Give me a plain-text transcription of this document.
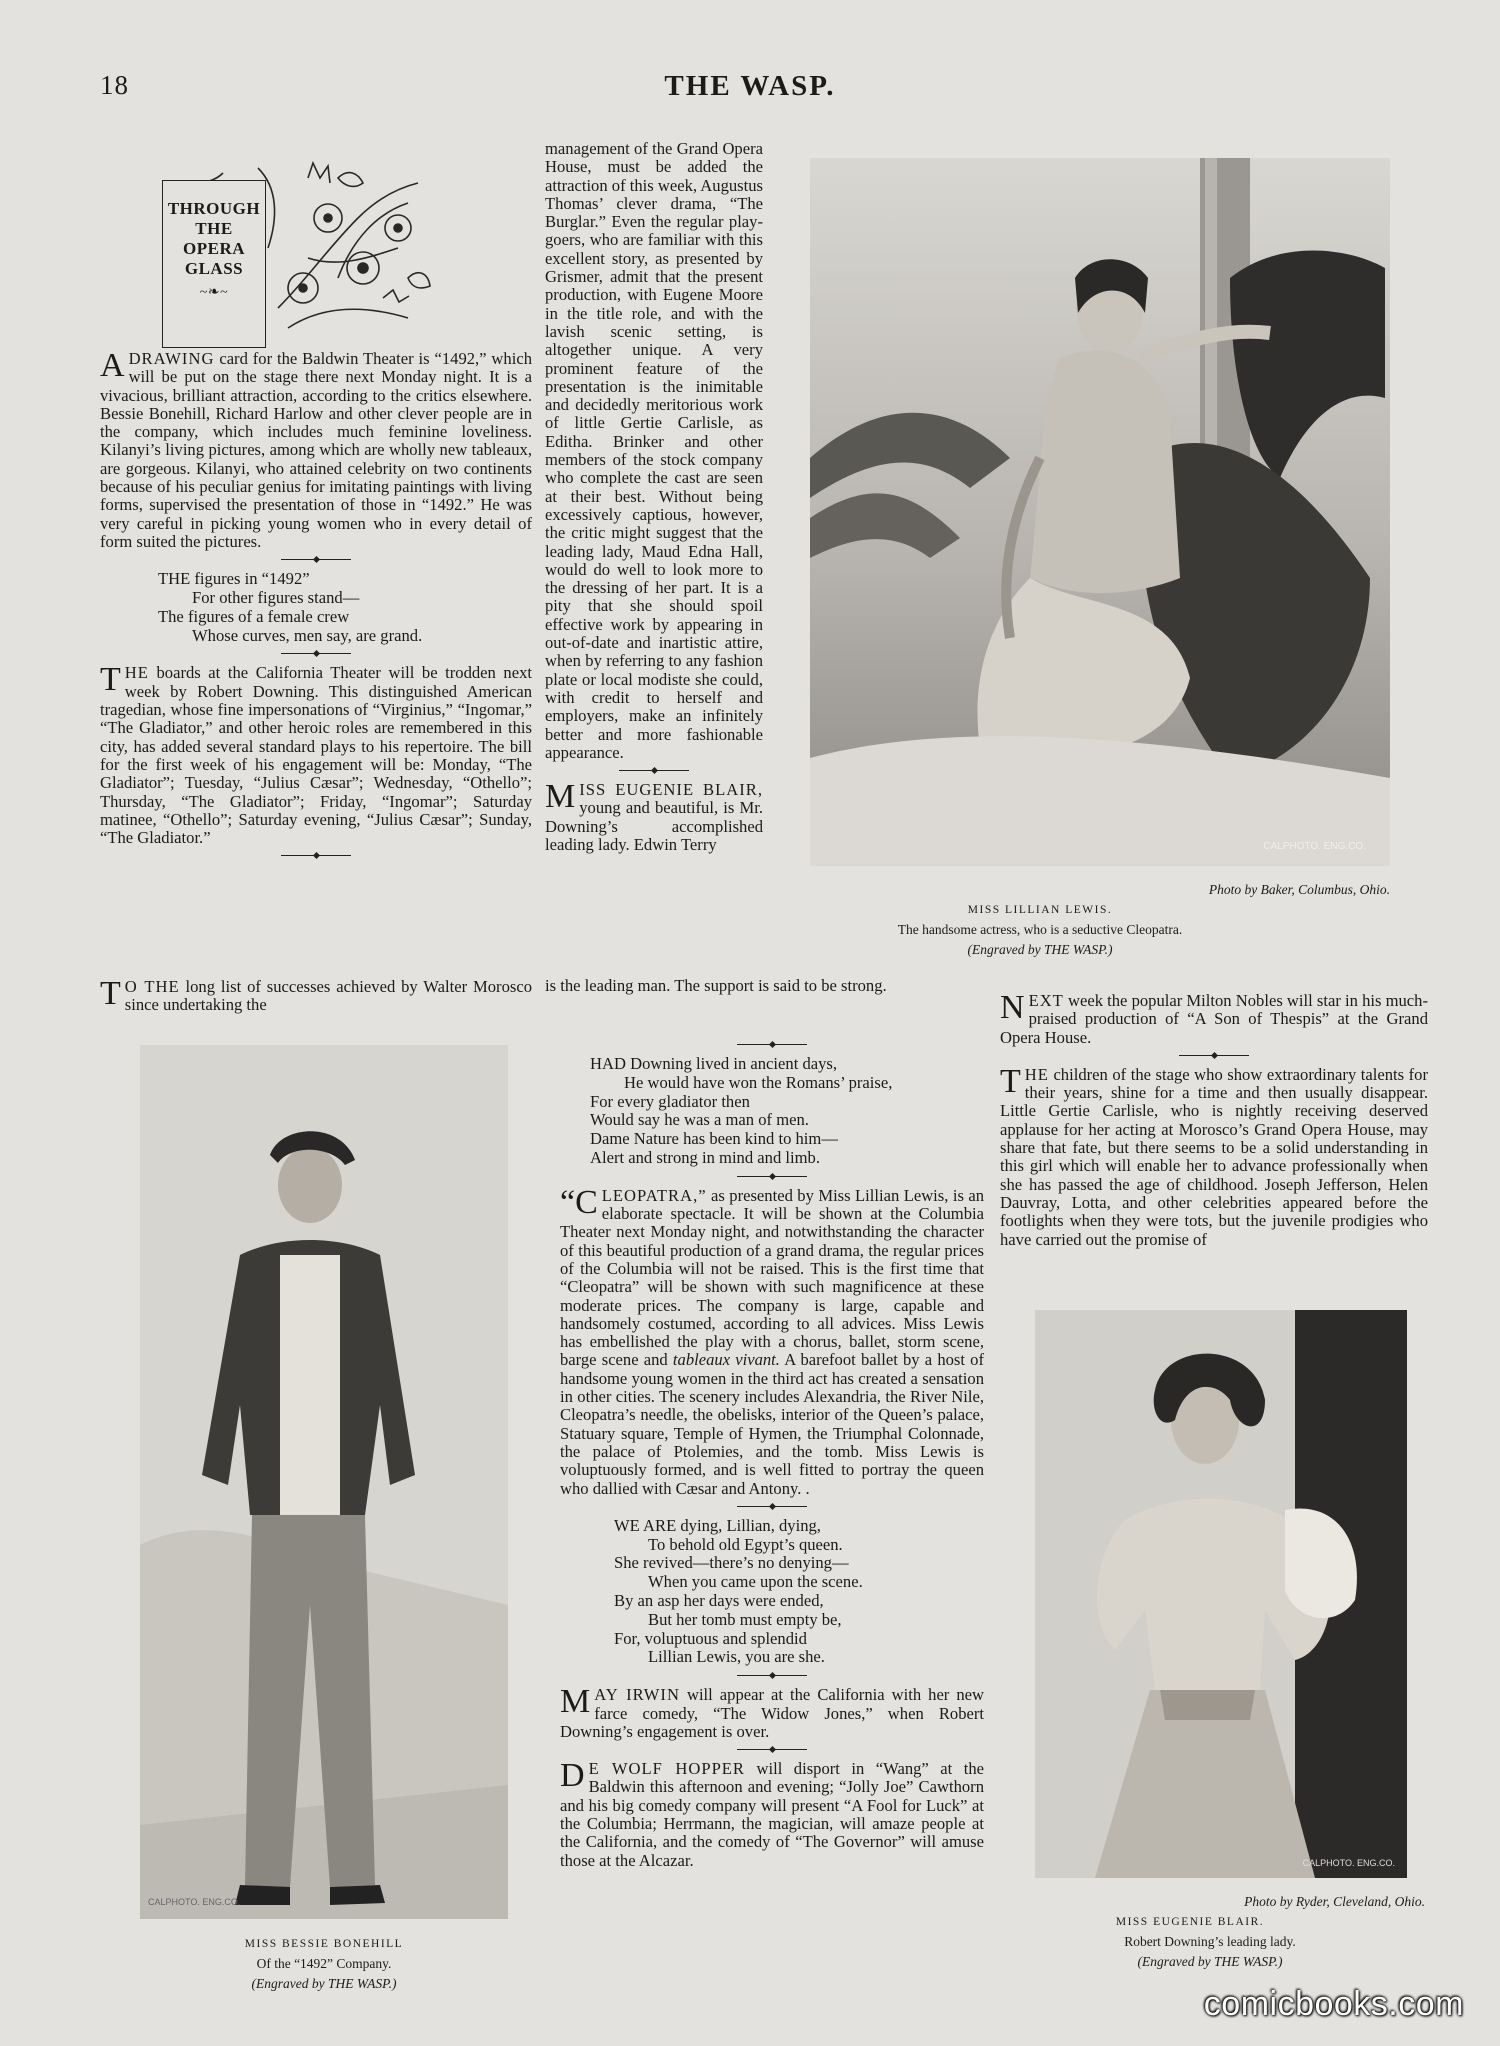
18	THE WASP.
THROUGH
THE
OPERA
GLASS
~❧~

ADRAWING card for the Baldwin Theater is “1492,” which will be put on the stage there next Monday night. It is a vivacious, brilliant attraction, according to the critics elsewhere. Bessie Bonehill, Richard Harlow and other clever people are in the company, which includes much feminine loveliness. Kilanyi’s living pictures, among which are wholly new tableaux, are gorgeous. Kilanyi, who attained celebrity on two continents because of his peculiar genius for imitating paintings with living forms, supervised the presentation of those in “1492.” He was very careful in picking young women who in every detail of form suited the pictures.

THE figures in “1492”
For other figures stand—
The figures of a female crew
Whose curves, men say, are grand.

THE boards at the California Theater will be trodden next week by Robert Downing. This distinguished American tragedian, whose fine impersonations of “Virginius,” “Ingomar,” “The Gladiator,” and other heroic roles are remembered in this city, has added several standard plays to his repertoire. The bill for the first week of his engagement will be: Monday, “The Gladiator”; Tuesday, “Julius Cæsar”; Wednesday, “Othello”; Thursday, “The Gladiator”; Friday, “Ingomar”; Saturday matinee, “Othello”; Saturday evening, “Julius Cæsar”; Sunday, “The Gladiator.”

T O THE long list of successes achieved by Walter Morosco since undertaking the

management of the Grand Opera House, must be added the attraction of this week, Augustus Thomas’ clever drama, “The Burglar.” Even the regular play-goers, who are familiar with this excellent story, as presented by Grismer, admit that the present production, with Eugene Moore in the title role, and with the lavish scenic setting, is altogether unique. A very prominent feature of the presentation is the inimitable and decidedly meritorious work of little Gertie Carlisle, as Editha. Brinker and other members of the stock company who complete the cast are seen at their best. Without being excessively captious, however, the critic might suggest that the leading lady, Maud Edna Hall, would do well to look more to the dressing of her part. It is a pity that she should spoil effective work by appearing in out-of-date and inartistic attire, when by referring to any fashion plate or local modiste she could, with credit to herself and employers, make an infinitely better and more fashionable appearance.

MISS EUGENIE BLAIR, young and beautiful, is Mr. Downing’s accomplished leading lady. Edwin Terry

is the leading man. The support is said to be strong.

HAD Downing lived in ancient days,
He would have won the Romans’ praise,
For every gladiator then
Would say he was a man of men.
Dame Nature has been kind to him—
Alert and strong in mind and limb.

“CLEOPATRA,” as presented by Miss Lillian Lewis, is an elaborate spectacle. It will be shown at the Columbia Theater next Monday night, and notwithstanding the character of this beautiful production of a grand drama, the regular prices of the Columbia will not be raised. This is the first time that “Cleopatra” will be shown with such magnificence at these moderate prices. The company is large, capable and handsomely costumed, according to all advices. Miss Lewis has embellished the play with a chorus, ballet, storm scene, barge scene and tableaux vivant. A barefoot ballet by a host of handsome young women in the third act has created a sensation in other cities. The scenery includes Alexandria, the River Nile, Cleopatra’s needle, the obelisks, interior of the Queen’s palace, Statuary square, Temple of Hymen, the Triumphal Colonnade, the palace of Ptolemies, and the tomb. Miss Lewis is voluptuously formed, and is well fitted to portray the queen who dallied with Cæsar and Antony. .

WE ARE dying, Lillian, dying,
To behold old Egypt’s queen.
She revived—there’s no denying—
When you came upon the scene.
By an asp her days were ended,
But her tomb must empty be,
For, voluptuous and splendid
Lillian Lewis, you are she.

MAY IRWIN will appear at the California with her new farce comedy, “The Widow Jones,” when Robert Downing’s engagement is over.

D E WOLF HOPPER will disport in “Wang” at the Baldwin this afternoon and evening; “Jolly Joe” Cawthorn and his big comedy company will present “A Fool for Luck” at the Columbia; Herrmann, the magician, will amaze people at the California, and the comedy of “The Governor” will amuse those at the Alcazar.

NEXT week the popular Milton Nobles will star in his much-praised production of “A Son of Thespis” at the Grand Opera House.

THE children of the stage who show extraordinary talents for their years, shine for a time and then usually disappear. Little Gertie Carlisle, who is nightly receiving deserved applause for her acting at Morosco’s Grand Opera House, may share that fate, but there seems to be a solid understanding in this girl which will enable her to advance professionally when she has passed the age of childhood. Joseph Jefferson, Helen Dauvray, Lotta, and other celebrities appeared before the footlights when they were tots, but the juvenile prodigies who have carried out the promise of

CALPHOTO. ENG.CO.
Photo by Baker, Columbus, Ohio.
MISS LILLIAN LEWIS.
The handsome actress, who is a seductive Cleopatra.
(Engraved by THE WASP.)
CALPHOTO. ENG.CO.
MISS BESSIE BONEHILL
Of the “1492” Company.
(Engraved by THE WASP.)
CALPHOTO. ENG.CO.
Photo by Ryder, Cleveland, Ohio.
MISS EUGENIE BLAIR.
Robert Downing’s leading lady.
(Engraved by THE WASP.)
comicbooks.com
